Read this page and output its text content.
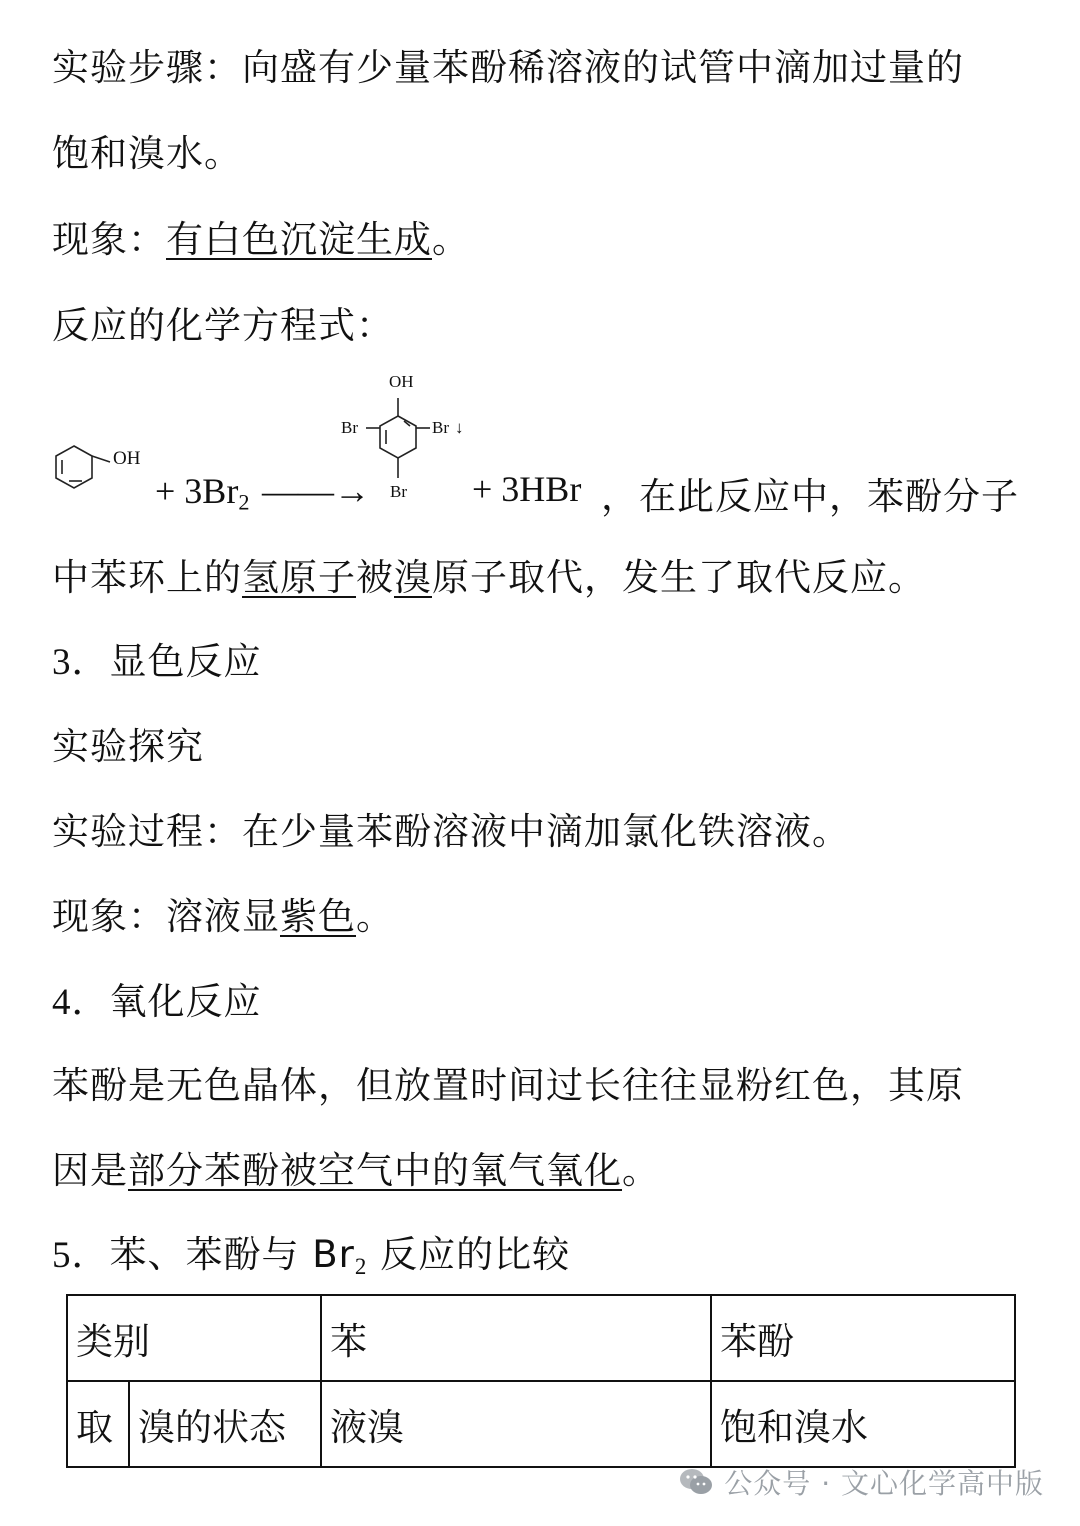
实验步骤：向盛有少量苯酚稀溶液的试管中滴加过量的
饱和溴水。
现象：有白色沉淀生成。
反应的化学方程式：
OH
+ $3Br_2$ ——→
OH
Br	Br ↓
Br + 3HBr ，在此反应中，苯酚分子
中苯环上的氢原子被溴原子取代，发生了取代反应。
3．显色反应
实验探究
实验过程：在少量苯酚溶液中滴加氯化铁溶液。
现象：溶液显紫色。
4．氧化反应
苯酚是无色晶体，但放置时间过长往往显粉红色，其原
因是部分苯酚被空气中的氧气氧化。
5．苯、苯酚与 $Br_2$ 反应的比较
类别		苯	苯酚
取	溴的状态	液溴	饱和溴水
公众号 · 文心化学高中版
